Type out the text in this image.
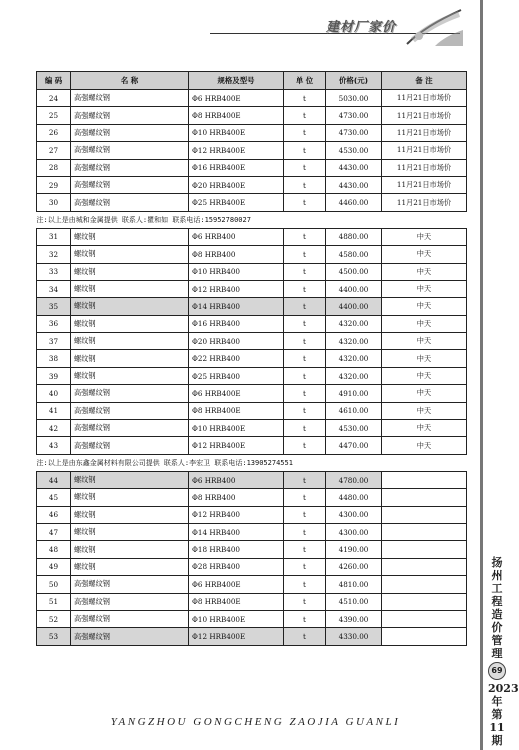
建材厂家价
编 码	名 称	规格及型号	单 位	价格(元)	备 注
24	高强螺纹钢	Φ6 HRB400E	t	5030.00	11月21日市场价
25	高强螺纹钢	Φ8 HRB400E	t	4730.00	11月21日市场价
26	高强螺纹钢	Φ10 HRB400E	t	4730.00	11月21日市场价
27	高强螺纹钢	Φ12 HRB400E	t	4530.00	11月21日市场价
28	高强螺纹钢	Φ16 HRB400E	t	4430.00	11月21日市场价
29	高强螺纹钢	Φ20 HRB400E	t	4430.00	11月21日市场价
30	高强螺纹钢	Φ25 HRB400E	t	4460.00	11月21日市场价
注:以上是由城和金属提供 联系人:瞿和如 联系电话:15952780027					
31	螺纹钢	Φ6 HRB400	t	4880.00	中天
32	螺纹钢	Φ8 HRB400	t	4580.00	中天
33	螺纹钢	Φ10 HRB400	t	4500.00	中天
34	螺纹钢	Φ12 HRB400	t	4400.00	中天
35	螺纹钢	Φ14 HRB400	t	4400.00	中天
36	螺纹钢	Φ16 HRB400	t	4320.00	中天
37	螺纹钢	Φ20 HRB400	t	4320.00	中天
38	螺纹钢	Φ22 HRB400	t	4320.00	中天
39	螺纹钢	Φ25 HRB400	t	4320.00	中天
40	高强螺纹钢	Φ6 HRB400E	t	4910.00	中天
41	高强螺纹钢	Φ8 HRB400E	t	4610.00	中天
42	高强螺纹钢	Φ10 HRB400E	t	4530.00	中天
43	高强螺纹钢	Φ12 HRB400E	t	4470.00	中天
注:以上是由东鑫金属材料有限公司提供 联系人:李宏卫 联系电话:13905274551					
44	螺纹钢	Φ6 HRB400	t	4780.00	
45	螺纹钢	Φ8 HRB400	t	4480.00	
46	螺纹钢	Φ12 HRB400	t	4300.00	
47	螺纹钢	Φ14 HRB400	t	4300.00	
48	螺纹钢	Φ18 HRB400	t	4190.00	
49	螺纹钢	Φ28 HRB400	t	4260.00	
50	高强螺纹钢	Φ6 HRB400E	t	4810.00	
51	高强螺纹钢	Φ8 HRB400E	t	4510.00	
52	高强螺纹钢	Φ10 HRB400E	t	4390.00	
53	高强螺纹钢	Φ12 HRB400E	t	4330.00	
扬州工程造价管理
69
2023年第11期
YANGZHOU GONGCHENG ZAOJIA GUANLI
